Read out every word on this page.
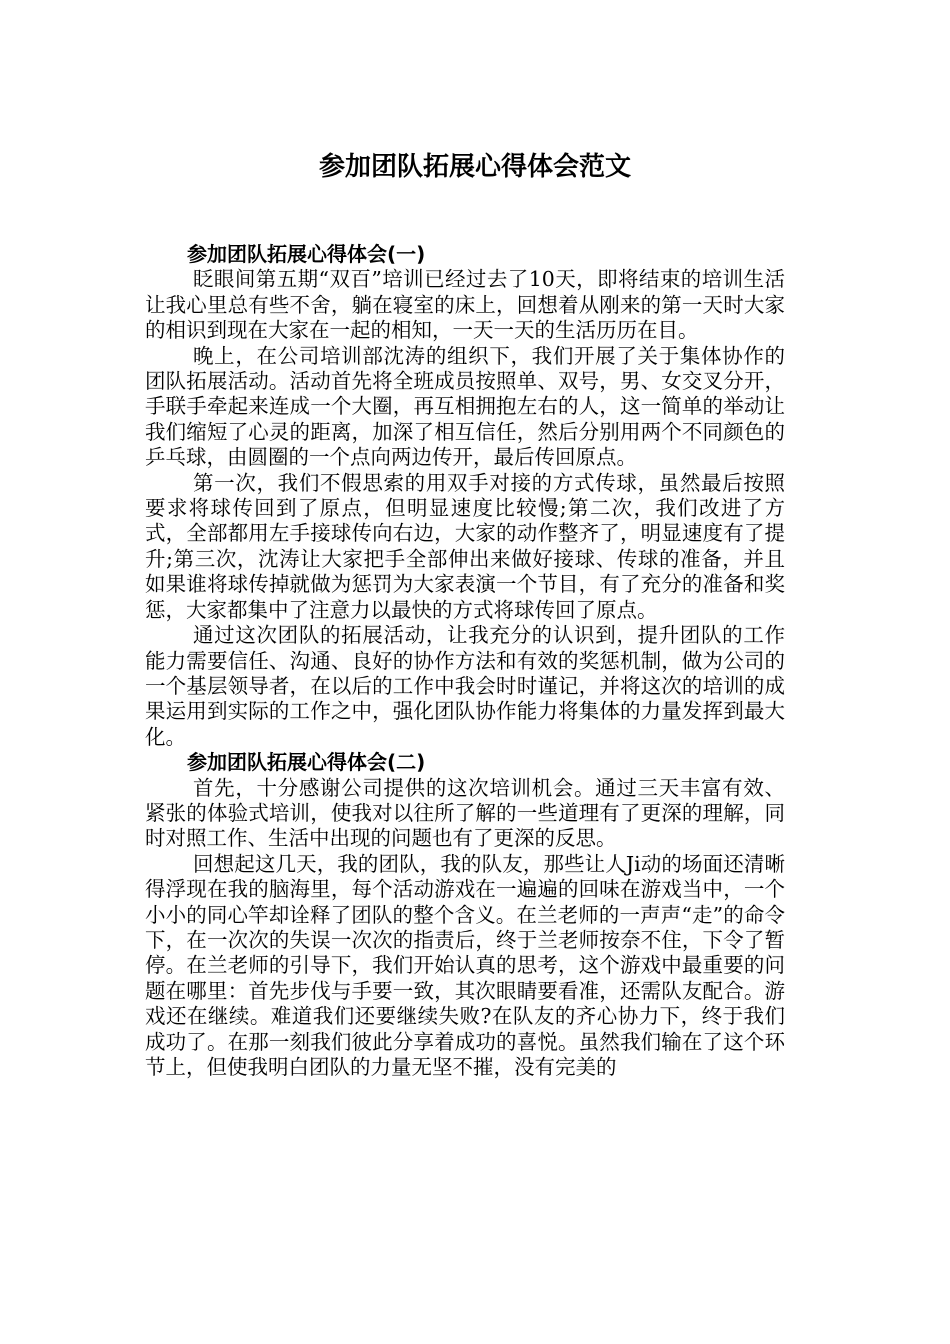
参加团队拓展心得体会范文
参加团队拓展心得体会(一)

眨眼间第五期“双百”培训已经过去了10天，即将结束的培训生活让我心里总有些不舍，躺在寝室的床上，回想着从刚来的第一天时大家的相识到现在大家在一起的相知，一天一天的生活历历在目。

晚上，在公司培训部沈涛的组织下，我们开展了关于集体协作的团队拓展活动。活动首先将全班成员按照单、双号，男、女交叉分开，手联手牵起来连成一个大圈，再互相拥抱左右的人，这一简单的举动让我们缩短了心灵的距离，加深了相互信任，然后分别用两个不同颜色的乒乓球，由圆圈的一个点向两边传开，最后传回原点。

第一次，我们不假思索的用双手对接的方式传球，虽然最后按照要求将球传回到了原点，但明显速度比较慢;第二次，我们改进了方式，全部都用左手接球传向右边，大家的动作整齐了，明显速度有了提升;第三次，沈涛让大家把手全部伸出来做好接球、传球的准备，并且如果谁将球传掉就做为惩罚为大家表演一个节目，有了充分的准备和奖惩，大家都集中了注意力以最快的方式将球传回了原点。

通过这次团队的拓展活动，让我充分的认识到，提升团队的工作能力需要信任、沟通、良好的协作方法和有效的奖惩机制，做为公司的一个基层领导者，在以后的工作中我会时时谨记，并将这次的培训的成果运用到实际的工作之中，强化团队协作能力将集体的力量发挥到最大化。

参加团队拓展心得体会(二)

首先，十分感谢公司提供的这次培训机会。通过三天丰富有效、紧张的体验式培训，使我对以往所了解的一些道理有了更深的理解，同时对照工作、生活中出现的问题也有了更深的反思。

回想起这几天，我的团队，我的队友，那些让人Ji动的场面还清晰得浮现在我的脑海里，每个活动游戏在一遍遍的回味在游戏当中，一个小小的同心竿却诠释了团队的整个含义。在兰老师的一声声“走”的命令下，在一次次的失误一次次的指责后，终于兰老师按奈不住，下令了暂停。在兰老师的引导下，我们开始认真的思考，这个游戏中最重要的问题在哪里：首先步伐与手要一致，其次眼睛要看准，还需队友配合。游戏还在继续。难道我们还要继续失败?在队友的齐心协力下，终于我们成功了。在那一刻我们彼此分享着成功的喜悦。虽然我们输在了这个环节上，但使我明白团队的力量无坚不摧，没有完美的
